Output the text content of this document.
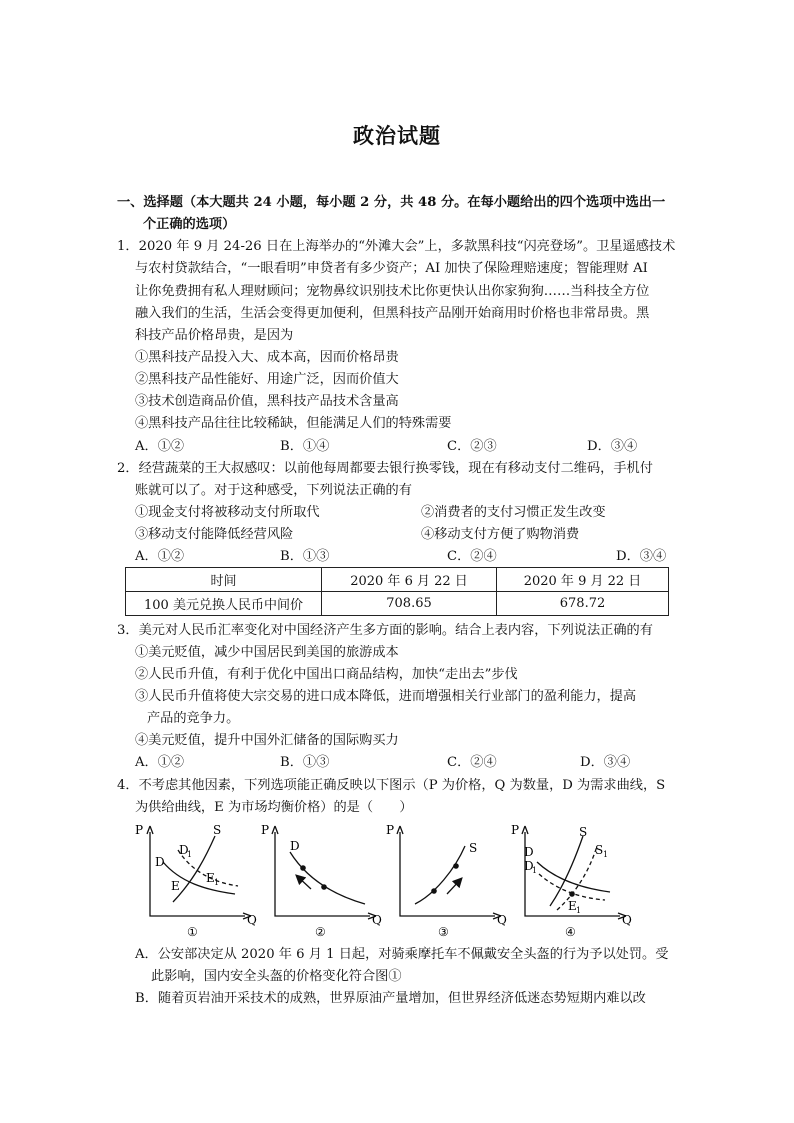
政治试题
一、选择题（本大题共 24 小题，每小题 2 分，共 48 分。在每小题给出的四个选项中选出一
个正确的选项）
1．2020 年 9 月 24-26 日在上海举办的“外滩大会”上，多款黑科技“闪亮登场”。卫星遥感技术
与农村贷款结合，“一眼看明”申贷者有多少资产；AI 加快了保险理赔速度；智能理财 AI
让你免费拥有私人理财顾问；宠物鼻纹识别技术比你更快认出你家狗狗……当科技全方位
融入我们的生活，生活会变得更加便利，但黑科技产品刚开始商用时价格也非常昂贵。黑
科技产品价格昂贵，是因为
①黑科技产品投入大、成本高，因而价格昂贵
②黑科技产品性能好、用途广泛，因而价值大
③技术创造商品价值，黑科技产品技术含量高
④黑科技产品往往比较稀缺，但能满足人们的特殊需要
A．①②	B．①④	C．②③	D．③④
2．经营蔬菜的王大叔感叹：以前他每周都要去银行换零钱，现在有移动支付二维码，手机付
账就可以了。对于这种感受，下列说法正确的有
①现金支付将被移动支付所取代	②消费者的支付习惯正发生改变
③移动支付能降低经营风险	④移动支付方便了购物消费
A．①②	B．①③	C．②④	D．③④
时间	2020 年 6 月 22 日	2020 年 9 月 22 日
100 美元兑换人民币中间价	708.65	678.72
3．美元对人民币汇率变化对中国经济产生多方面的影响。结合上表内容，下列说法正确的有
①美元贬值，减少中国居民到美国的旅游成本
②人民币升值，有利于优化中国出口商品结构，加快“走出去”步伐
③人民币升值将使大宗交易的进口成本降低，进而增强相关行业部门的盈利能力，提高
产品的竞争力。
④美元贬值，提升中国外汇储备的国际购买力
A．①②	B．①③	C．②④	D．③④
4．不考虑其他因素，下列选项能正确反映以下图示（P 为价格，Q 为数量，D 为需求曲线，S
为供给曲线，E 为市场均衡价格）的是（　　）
P
Q
D
D
1
S
E
E 1
①
P
Q
D
②
P
Q
S
③
P
Q
D
D
1
S
S 1
E 1
④
A．公安部决定从 2020 年 6 月 1 日起，对骑乘摩托车不佩戴安全头盔的行为予以处罚。受
此影响，国内安全头盔的价格变化符合图①
B．随着页岩油开采技术的成熟，世界原油产量增加，但世界经济低迷态势短期内难以改
